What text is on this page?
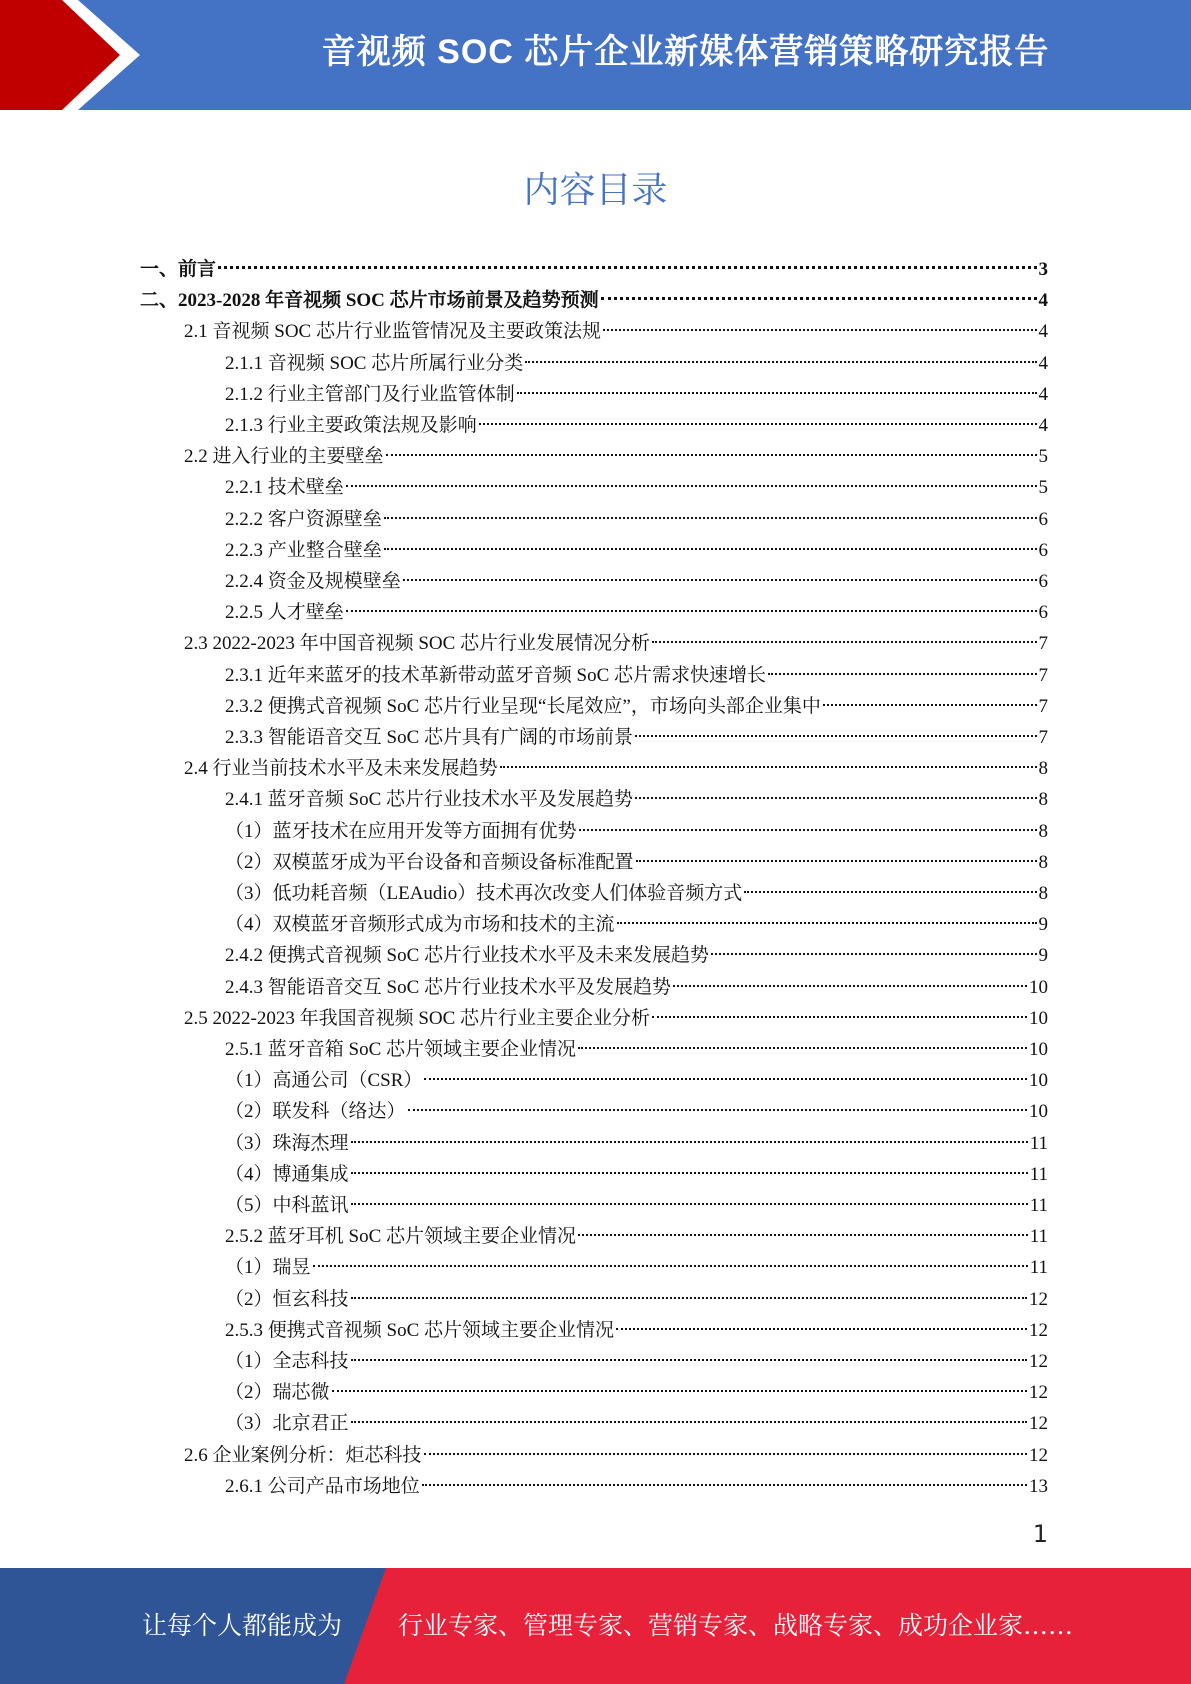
音视频 SOC 芯片企业新媒体营销策略研究报告
内容目录
一、前言	3
二、2023-2028 年音视频 SOC 芯片市场前景及趋势预测	4
2.1 音视频 SOC 芯片行业监管情况及主要政策法规	4
2.1.1 音视频 SOC 芯片所属行业分类	4
2.1.2 行业主管部门及行业监管体制	4
2.1.3 行业主要政策法规及影响	4
2.2 进入行业的主要壁垒	5
2.2.1 技术壁垒	5
2.2.2 客户资源壁垒	6
2.2.3 产业整合壁垒	6
2.2.4 资金及规模壁垒	6
2.2.5 人才壁垒	6
2.3 2022-2023 年中国音视频 SOC 芯片行业发展情况分析	7
2.3.1 近年来蓝牙的技术革新带动蓝牙音频 SoC 芯片需求快速增长	7
2.3.2 便携式音视频 SoC 芯片行业呈现“长尾效应”，市场向头部企业集中	7
2.3.3 智能语音交互 SoC 芯片具有广阔的市场前景	7
2.4 行业当前技术水平及未来发展趋势	8
2.4.1 蓝牙音频 SoC 芯片行业技术水平及发展趋势	8
（1）蓝牙技术在应用开发等方面拥有优势	8
（2）双模蓝牙成为平台设备和音频设备标准配置	8
（3）低功耗音频（LEAudio）技术再次改变人们体验音频方式	8
（4）双模蓝牙音频形式成为市场和技术的主流	9
2.4.2 便携式音视频 SoC 芯片行业技术水平及未来发展趋势	9
2.4.3 智能语音交互 SoC 芯片行业技术水平及发展趋势	10
2.5 2022-2023 年我国音视频 SOC 芯片行业主要企业分析	10
2.5.1 蓝牙音箱 SoC 芯片领域主要企业情况	10
（1）高通公司（CSR）	10
（2）联发科（络达）	10
（3）珠海杰理	11
（4）博通集成	11
（5）中科蓝讯	11
2.5.2 蓝牙耳机 SoC 芯片领域主要企业情况	11
（1）瑞昱	11
（2）恒玄科技	12
2.5.3 便携式音视频 SoC 芯片领域主要企业情况	12
（1）全志科技	12
（2）瑞芯微	12
（3）北京君正	12
2.6 企业案例分析：炬芯科技	12
2.6.1 公司产品市场地位	13
1
让每个人都能成为 行业专家、管理专家、营销专家、战略专家、成功企业家……
